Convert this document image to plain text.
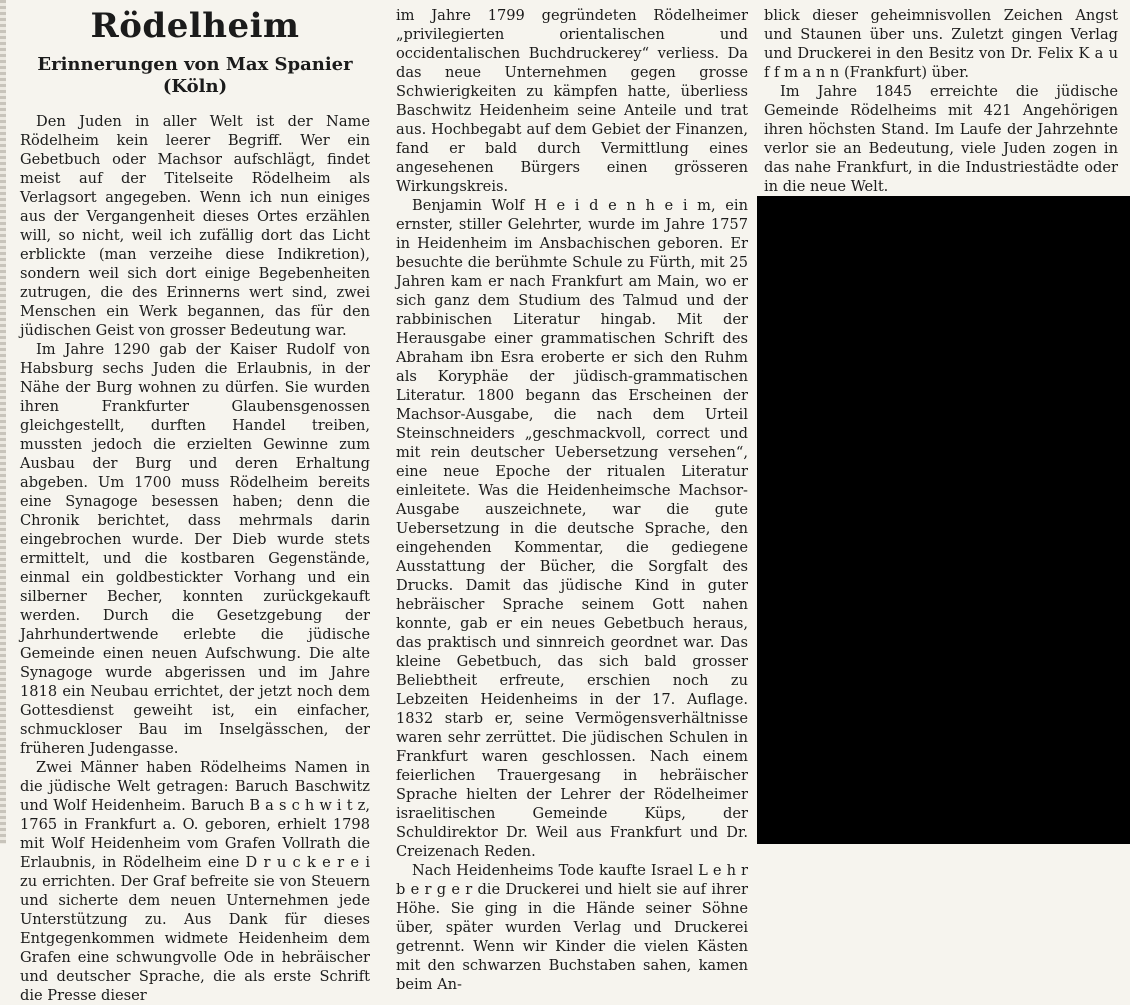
Rödelheim
Erinnerungen von Max Spanier (Köln)

Den Juden in aller Welt ist der Name Rödelheim kein leerer Begriff. Wer ein Gebetbuch oder Machsor aufschlägt, findet meist auf der Titelseite Rödelheim als Verlagsort angegeben. Wenn ich nun einiges aus der Vergangenheit dieses Ortes erzählen will, so nicht, weil ich zufällig dort das Licht erblickte (man verzeihe diese Indikretion), sondern weil sich dort einige Begebenheiten zutrugen, die des Erinnerns wert sind, zwei Menschen ein Werk begannen, das für den jüdischen Geist von grosser Bedeutung war.

Im Jahre 1290 gab der Kaiser Rudolf von Habsburg sechs Juden die Erlaubnis, in der Nähe der Burg wohnen zu dürfen. Sie wurden ihren Frankfurter Glaubensgenossen gleichgestellt, durften Handel treiben, mussten jedoch die erzielten Gewinne zum Ausbau der Burg und deren Erhaltung abgeben. Um 1700 muss Rödelheim bereits eine Synagoge besessen haben; denn die Chronik berichtet, dass mehrmals darin eingebrochen wurde. Der Dieb wurde stets ermittelt, und die kostbaren Gegenstände, einmal ein goldbestickter Vorhang und ein silberner Becher, konnten zurückgekauft werden. Durch die Gesetzgebung der Jahrhundertwende erlebte die jüdische Gemeinde einen neuen Aufschwung. Die alte Synagoge wurde abgerissen und im Jahre 1818 ein Neubau errichtet, der jetzt noch dem Gottesdienst geweiht ist, ein einfacher, schmuckloser Bau im Inselgässchen, der früheren Judengasse.

Zwei Männer haben Rödelheims Namen in die jüdische Welt getragen: Baruch Baschwitz und Wolf Heidenheim. Baruch B a s c h w i t z, 1765 in Frankfurt a. O. geboren, erhielt 1798 mit Wolf Heidenheim vom Grafen Vollrath die Erlaubnis, in Rödelheim eine D r u c k e r e i zu errichten. Der Graf befreite sie von Steuern und sicherte dem neuen Unternehmen jede Unterstützung zu. Aus Dank für dieses Entgegenkommen widmete Heidenheim dem Grafen eine schwungvolle Ode in hebräischer und deutscher Sprache, die als erste Schrift die Presse dieser

im Jahre 1799 gegründeten Rödelheimer „privilegierten orientalischen und occidentalischen Buchdruckerey“ verliess. Da das neue Unternehmen gegen grosse Schwierigkeiten zu kämpfen hatte, überliess Baschwitz Heidenheim seine Anteile und trat aus. Hochbegabt auf dem Gebiet der Finanzen, fand er bald durch Vermittlung eines angesehenen Bürgers einen grösseren Wirkungskreis.

Benjamin Wolf H e i d e n h e i m, ein ernster, stiller Gelehrter, wurde im Jahre 1757 in Heidenheim im Ansbachischen geboren. Er besuchte die berühmte Schule zu Fürth, mit 25 Jahren kam er nach Frankfurt am Main, wo er sich ganz dem Studium des Talmud und der rabbinischen Literatur hingab. Mit der Herausgabe einer grammatischen Schrift des Abraham ibn Esra eroberte er sich den Ruhm als Koryphäe der jüdisch-grammatischen Literatur. 1800 begann das Erscheinen der Machsor-Ausgabe, die nach dem Urteil Steinschneiders „geschmackvoll, correct und mit rein deutscher Uebersetzung versehen“, eine neue Epoche der ritualen Literatur einleitete. Was die Heidenheimsche Machsor-Ausgabe auszeichnete, war die gute Uebersetzung in die deutsche Sprache, den eingehenden Kommentar, die gediegene Ausstattung der Bücher, die Sorgfalt des Drucks. Damit das jüdische Kind in guter hebräischer Sprache seinem Gott nahen konnte, gab er ein neues Gebetbuch heraus, das praktisch und sinnreich geordnet war. Das kleine Gebetbuch, das sich bald grosser Beliebtheit erfreute, erschien noch zu Lebzeiten Heidenheims in der 17. Auflage. 1832 starb er, seine Vermögensverhältnisse waren sehr zerrüttet. Die jüdischen Schulen in Frankfurt waren geschlossen. Nach einem feierlichen Trauergesang in hebräischer Sprache hielten der Lehrer der Rödelheimer israelitischen Gemeinde Küps, der Schuldirektor Dr. Weil aus Frankfurt und Dr. Creizenach Reden.

Nach Heidenheims Tode kaufte Israel L e h r b e r g e r die Druckerei und hielt sie auf ihrer Höhe. Sie ging in die Hände seiner Söhne über, später wurden Verlag und Druckerei getrennt. Wenn wir Kinder die vielen Kästen mit den schwarzen Buchstaben sahen, kamen beim An-

blick dieser geheimnisvollen Zeichen Angst und Staunen über uns. Zuletzt gingen Verlag und Druckerei in den Besitz von Dr. Felix K a u f f m a n n (Frankfurt) über.

Im Jahre 1845 erreichte die jüdische Gemeinde Rödelheims mit 421 Angehörigen ihren höchsten Stand. Im Laufe der Jahrzehnte verlor sie an Bedeutung, viele Juden zogen in das nahe Frankfurt, in die Industriestädte oder in die neue Welt.
